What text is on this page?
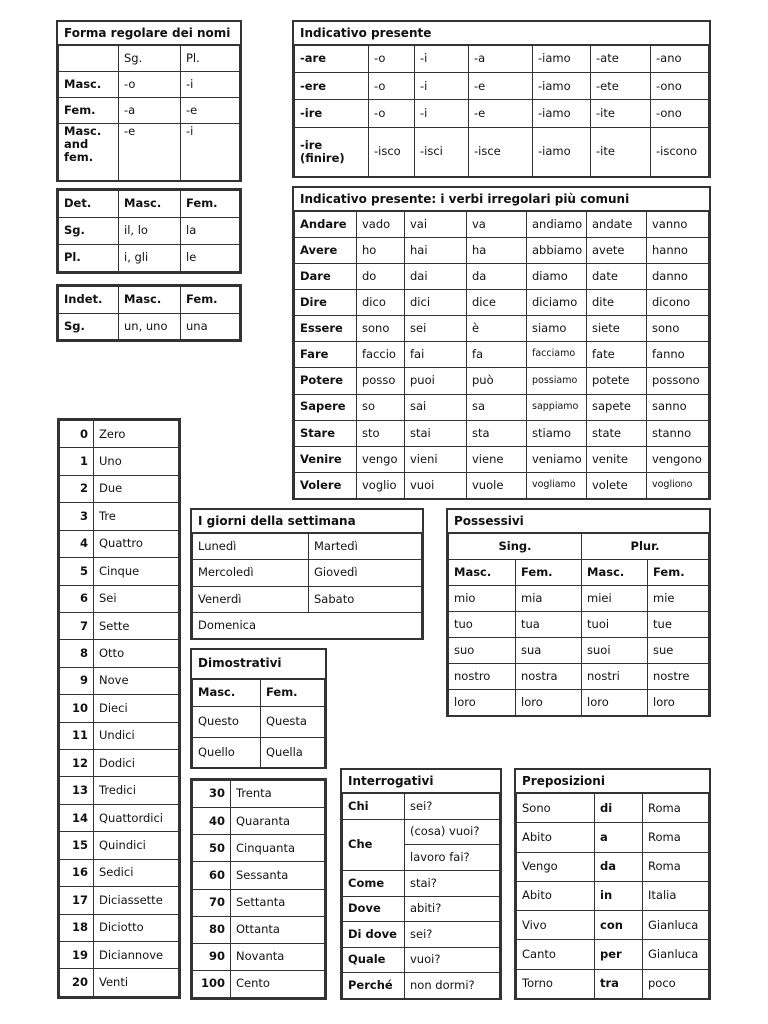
Forma regolare dei nomi
	Sg.	Pl.
Masc.	-o	-i
Fem.	-a	-e
Masc. and fem.	-e	-i
Det.	Masc.	Fem.
Sg.	il, lo	la
Pl.	i, gli	le
Indet.	Masc.	Fem.
Sg.	un, uno	una
Indicativo presente
-are	-o	-i	-a	-iamo	-ate	-ano
-ere	-o	-i	-e	-iamo	-ete	-ono
-ire	-o	-i	-e	-iamo	-ite	-ono
-ire (finire)	-isco	-isci	-isce	-iamo	-ite	-iscono
Indicativo presente: i verbi irregolari più comuni
Andare	vado	vai	va	andiamo	andate	vanno
Avere	ho	hai	ha	abbiamo	avete	hanno
Dare	do	dai	da	diamo	date	danno
Dire	dico	dici	dice	diciamo	dite	dicono
Essere	sono	sei	è	siamo	siete	sono
Fare	faccio	fai	fa	facciamo	fate	fanno
Potere	posso	puoi	può	possiamo	potete	possono
Sapere	so	sai	sa	sappiamo	sapete	sanno
Stare	sto	stai	sta	stiamo	state	stanno
Venire	vengo	vieni	viene	veniamo	venite	vengono
Volere	voglio	vuoi	vuole	vogliamo	volete	vogliono
0	Zero
1	Uno
2	Due
3	Tre
4	Quattro
5	Cinque
6	Sei
7	Sette
8	Otto
9	Nove
10	Dieci
11	Undici
12	Dodici
13	Tredici
14	Quattordici
15	Quindici
16	Sedici
17	Diciassette
18	Diciotto
19	Diciannove
20	Venti
30	Trenta
40	Quaranta
50	Cinquanta
60	Sessanta
70	Settanta
80	Ottanta
90	Novanta
100	Cento
I giorni della settimana
Lunedì	Martedì
Mercoledì	Giovedì
Venerdì	Sabato
Domenica	
Dimostrativi
Masc.	Fem.
Questo	Questa
Quello	Quella
Possessivi
Sing.		Plur.	
Masc.	Fem.	Masc.	Fem.
mio	mia	miei	mie
tuo	tua	tuoi	tue
suo	sua	suoi	sue
nostro	nostra	nostri	nostre
loro	loro	loro	loro
Interrogativi
Chi	sei?
Che	(cosa) vuoi?
	lavoro fai?
Come	stai?
Dove	abiti?
Di dove	sei?
Quale	vuoi?
Perché	non dormi?
Preposizioni
Sono	di	Roma
Abito	a	Roma
Vengo	da	Roma
Abito	in	Italia
Vivo	con	Gianluca
Canto	per	Gianluca
Torno	tra	poco
